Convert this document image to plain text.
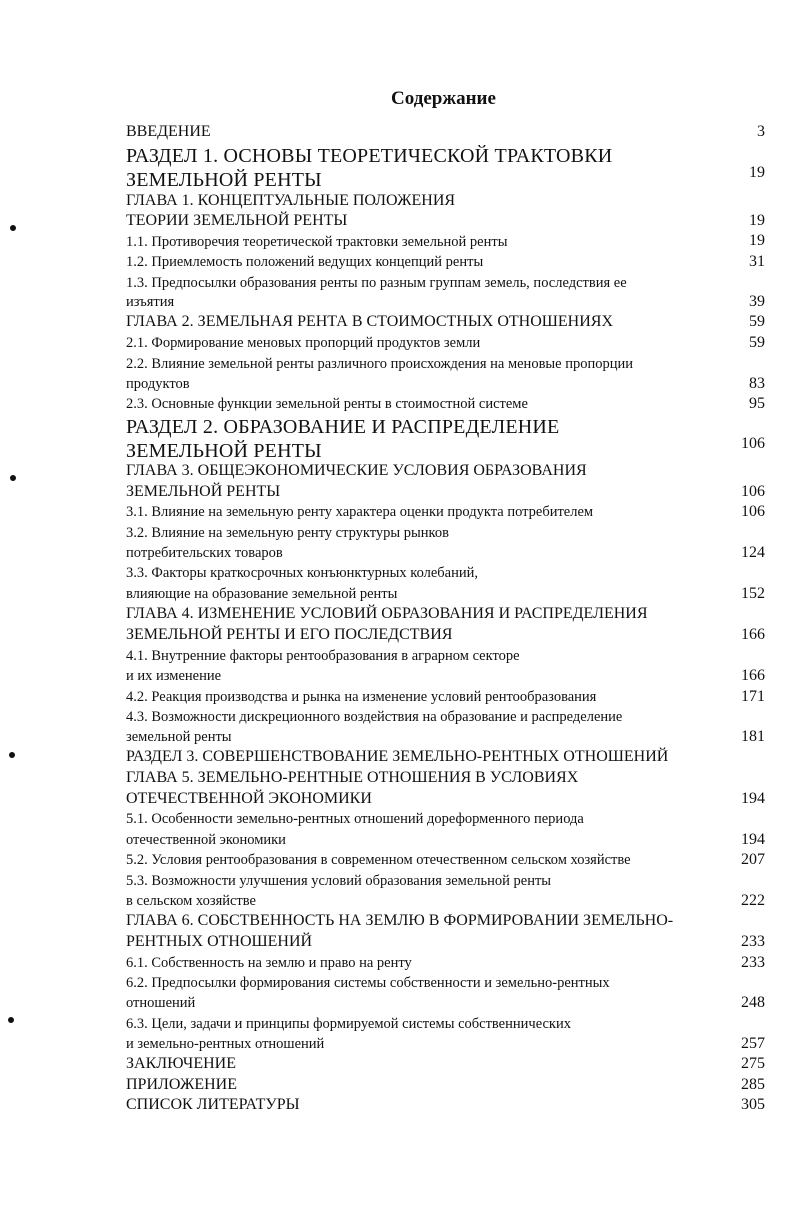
Содержание
ВВЕДЕНИЕ	3
РАЗДЕЛ 1. ОСНОВЫ ТЕОРЕТИЧЕСКОЙ ТРАКТОВКИ
ЗЕМЕЛЬНОЙ РЕНТЫ	19
ГЛАВА 1. КОНЦЕПТУАЛЬНЫЕ ПОЛОЖЕНИЯ
ТЕОРИИ ЗЕМЕЛЬНОЙ РЕНТЫ	19
1.1. Противоречия теоретической трактовки земельной ренты	19
1.2. Приемлемость положений ведущих концепций ренты	31
1.3. Предпосылки образования ренты по разным группам земель, последствия ее
изъятия	39
ГЛАВА 2. ЗЕМЕЛЬНАЯ РЕНТА В СТОИМОСТНЫХ ОТНОШЕНИЯХ	59
2.1. Формирование меновых пропорций продуктов земли	59
2.2. Влияние земельной ренты различного происхождения на меновые пропорции
продуктов	83
2.3. Основные функции земельной ренты в стоимостной системе	95
РАЗДЕЛ 2. ОБРАЗОВАНИЕ И РАСПРЕДЕЛЕНИЕ
ЗЕМЕЛЬНОЙ РЕНТЫ	106
ГЛАВА 3. ОБЩЕЭКОНОМИЧЕСКИЕ УСЛОВИЯ ОБРАЗОВАНИЯ
ЗЕМЕЛЬНОЙ РЕНТЫ	106
3.1. Влияние на земельную ренту характера оценки продукта потребителем	106
3.2. Влияние на земельную ренту структуры рынков
потребительских товаров	124
3.3. Факторы краткосрочных конъюнктурных колебаний,
влияющие на образование земельной ренты	152
ГЛАВА 4. ИЗМЕНЕНИЕ УСЛОВИЙ ОБРАЗОВАНИЯ И РАСПРЕДЕЛЕНИЯ
ЗЕМЕЛЬНОЙ РЕНТЫ И ЕГО ПОСЛЕДСТВИЯ	166
4.1. Внутренние факторы рентообразования в аграрном секторе
и их изменение	166
4.2. Реакция производства и рынка на изменение условий рентообразования	171
4.3. Возможности дискреционного воздействия на образование и распределение
земельной ренты	181
РАЗДЕЛ 3. СОВЕРШЕНСТВОВАНИЕ ЗЕМЕЛЬНО-РЕНТНЫХ ОТНОШЕНИЙ
ГЛАВА 5. ЗЕМЕЛЬНО-РЕНТНЫЕ ОТНОШЕНИЯ В УСЛОВИЯХ
ОТЕЧЕСТВЕННОЙ ЭКОНОМИКИ	194
5.1. Особенности земельно-рентных отношений дореформенного периода
отечественной экономики	194
5.2. Условия рентообразования в современном отечественном сельском хозяйстве	207
5.3. Возможности улучшения условий образования земельной ренты
в сельском хозяйстве	222
ГЛАВА 6. СОБСТВЕННОСТЬ НА ЗЕМЛЮ В ФОРМИРОВАНИИ ЗЕМЕЛЬНО-
РЕНТНЫХ ОТНОШЕНИЙ	233
6.1. Собственность на землю и право на ренту	233
6.2. Предпосылки формирования системы собственности и земельно-рентных
отношений	248
6.3. Цели, задачи и принципы формируемой системы собственнических
и земельно-рентных отношений	257
ЗАКЛЮЧЕНИЕ	275
ПРИЛОЖЕНИЕ	285
СПИСОК ЛИТЕРАТУРЫ	305
